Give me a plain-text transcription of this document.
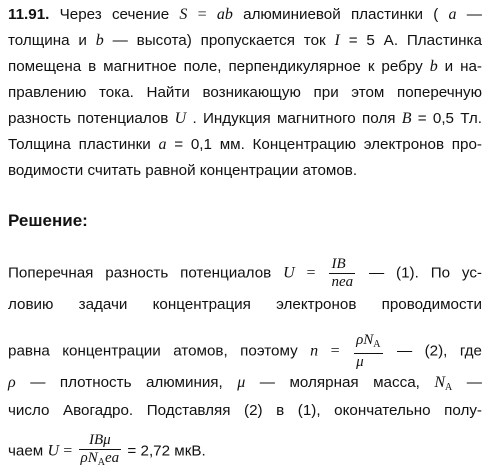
11.91. Через сечение S = ab алюминиевой пластинки ( a —
толщина и b — высота) пропускается ток I = 5 А. Пластинка
помещена в магнитное поле, перпендикулярное к ребру b и на-
правлению тока. Найти возникающую при этом поперечную
разность потенциалов U . Индукция магнитного поля B = 0,5 Тл.
Толщина пластинки a = 0,1 мм. Концентрацию электронов про-
водимости считать равной концентрации атомов.
Решение:
Поперечная разность потенциалов $U = \frac{IB}{\text{nea}}$ — (1). По ус-
ловию задачи концентрация электронов проводимости
равна концентрации атомов, поэтому $n = \frac{\rho N_A}{\mu}$ — (2), где
ρ — плотность алюминия, μ — молярная масса, $N_A$ —
число Авогадро. Подставляя (2) в (1), окончательно полу-
чаем $U = \frac{\text{IBμ}}{\rho N_Aea} = 2,72$ мкВ.
